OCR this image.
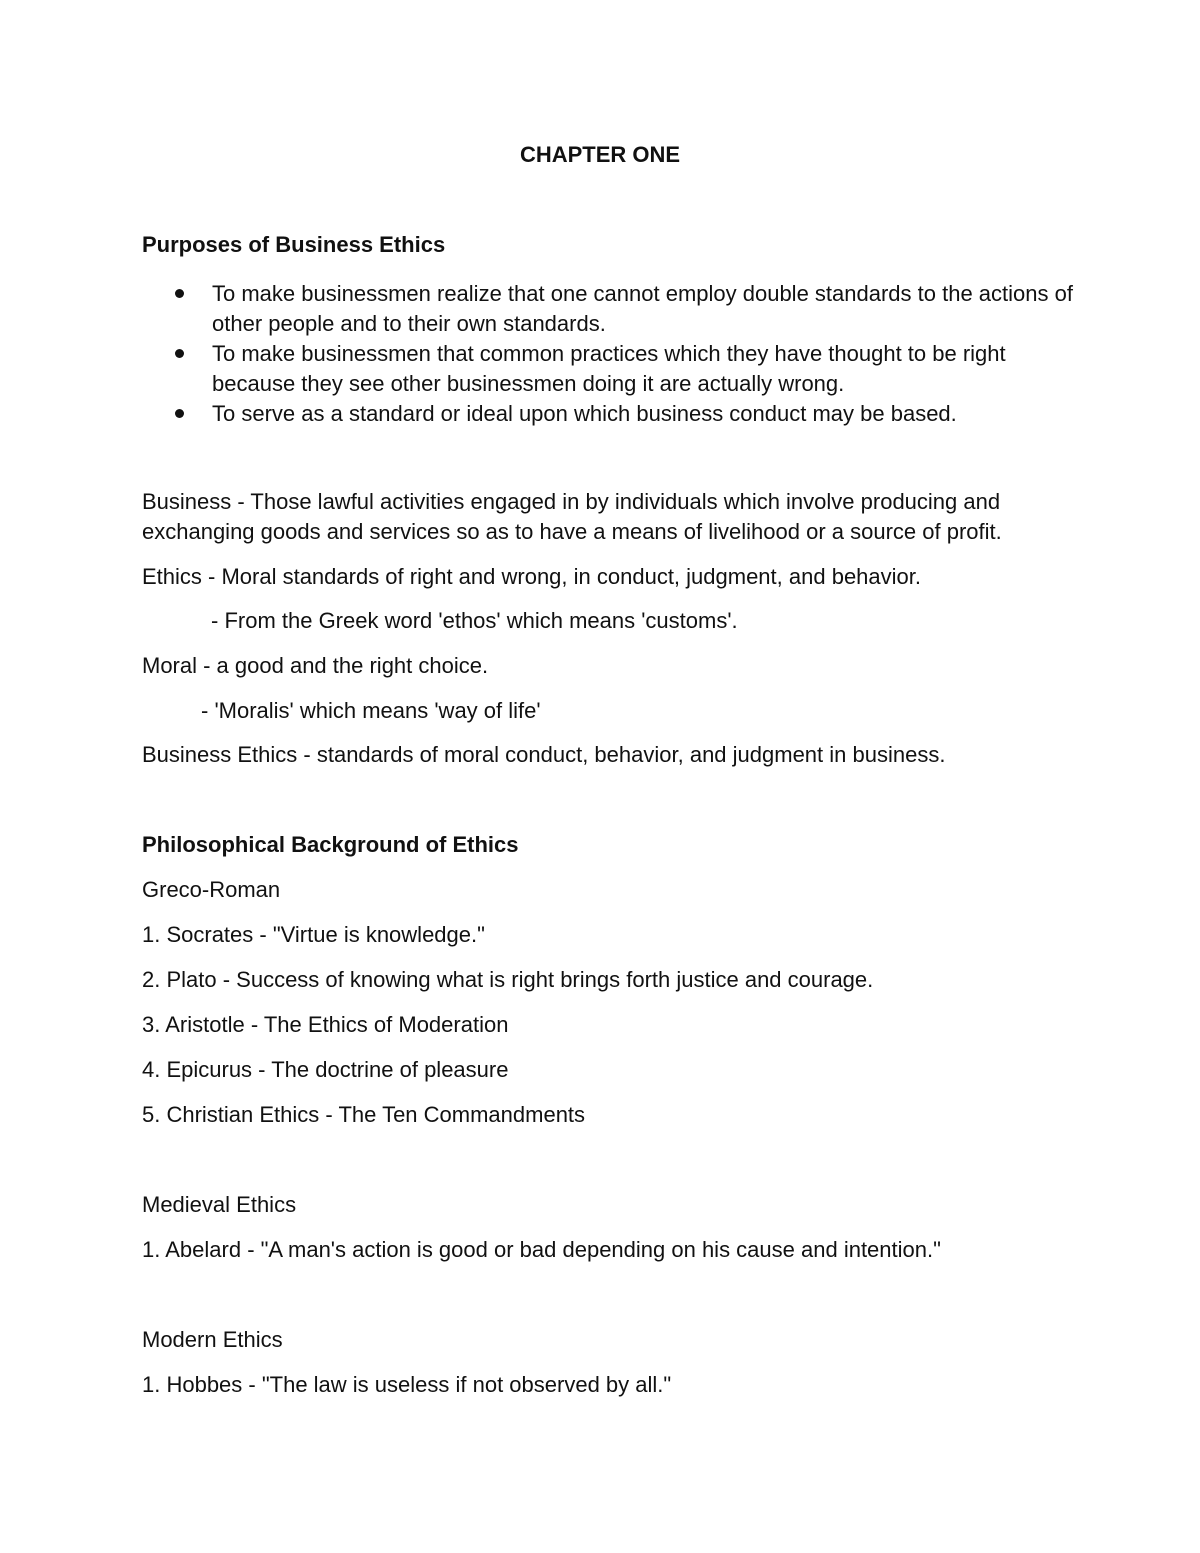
CHAPTER ONE
Purposes of Business Ethics
To make businessmen realize that one cannot employ double standards to the actions of other people and to their own standards.
To make businessmen that common practices which they have thought to be right because they see other businessmen doing it are actually wrong.
To serve as a standard or ideal upon which business conduct may be based.

Business - Those lawful activities engaged in by individuals which involve producing and exchanging goods and services so as to have a means of livelihood or a source of profit.

Ethics - Moral standards of right and wrong, in conduct, judgment, and behavior.
- From the Greek word 'ethos' which means 'customs'.
Moral - a good and the right choice.
- 'Moralis' which means 'way of life'
Business Ethics - standards of moral conduct, behavior, and judgment in business.
Philosophical Background of Ethics
Greco-Roman
1. Socrates - "Virtue is knowledge."
2. Plato - Success of knowing what is right brings forth justice and courage.
3. Aristotle - The Ethics of Moderation
4. Epicurus - The doctrine of pleasure
5. Christian Ethics - The Ten Commandments
Medieval Ethics
1. Abelard - "A man's action is good or bad depending on his cause and intention."
Modern Ethics
1. Hobbes - "The law is useless if not observed by all."
